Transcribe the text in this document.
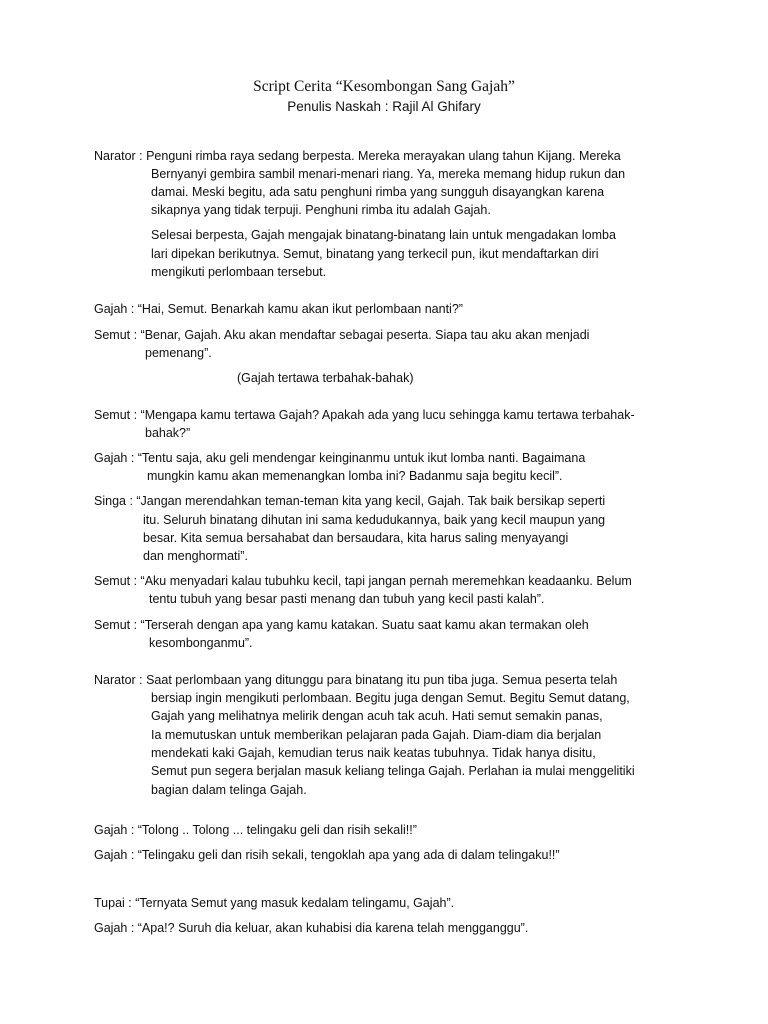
Script Cerita “Kesombongan Sang Gajah”
Penulis Naskah : Rajil Al Ghifary
Narator : Penguni rimba raya sedang berpesta. Mereka merayakan ulang tahun Kijang. Mereka
Bernyanyi gembira sambil menari-menari riang. Ya, mereka memang hidup rukun dan
damai. Meski begitu, ada satu penghuni rimba yang sungguh disayangkan karena
sikapnya yang tidak terpuji. Penghuni rimba itu adalah Gajah.
Selesai berpesta, Gajah mengajak binatang-binatang lain untuk mengadakan lomba
lari dipekan berikutnya. Semut, binatang yang terkecil pun, ikut mendaftarkan diri
mengikuti perlombaan tersebut.
Gajah : “Hai, Semut. Benarkah kamu akan ikut perlombaan nanti?”
Semut : “Benar, Gajah. Aku akan mendaftar sebagai peserta. Siapa tau aku akan menjadi
pemenang”.
(Gajah tertawa terbahak-bahak)
Semut : “Mengapa kamu tertawa Gajah? Apakah ada yang lucu sehingga kamu tertawa terbahak-
bahak?”
Gajah : “Tentu saja, aku geli mendengar keinginanmu untuk ikut lomba nanti. Bagaimana
mungkin kamu akan memenangkan lomba ini? Badanmu saja begitu kecil”.
Singa : “Jangan merendahkan teman-teman kita yang kecil, Gajah. Tak baik bersikap seperti
itu. Seluruh binatang dihutan ini sama kedudukannya, baik yang kecil maupun yang
besar. Kita semua bersahabat dan bersaudara, kita harus saling menyayangi
dan menghormati”.
Semut : “Aku menyadari kalau tubuhku kecil, tapi jangan pernah meremehkan keadaanku. Belum
tentu tubuh yang besar pasti menang dan tubuh yang kecil pasti kalah”.
Semut : “Terserah dengan apa yang kamu katakan. Suatu saat kamu akan termakan oleh
kesombonganmu”.
Narator : Saat perlombaan yang ditunggu para binatang itu pun tiba juga. Semua peserta telah
bersiap ingin mengikuti perlombaan. Begitu juga dengan Semut. Begitu Semut datang,
Gajah yang melihatnya melirik dengan acuh tak acuh. Hati semut semakin panas,
Ia memutuskan untuk memberikan pelajaran pada Gajah. Diam-diam dia berjalan
mendekati kaki Gajah, kemudian terus naik keatas tubuhnya. Tidak hanya disitu,
Semut pun segera berjalan masuk keliang telinga Gajah. Perlahan ia mulai menggelitiki
bagian dalam telinga Gajah.
Gajah : “Tolong .. Tolong ... telingaku geli dan risih sekali!!”
Gajah : “Telingaku geli dan risih sekali, tengoklah apa yang ada di dalam telingaku!!”
Tupai : “Ternyata Semut yang masuk kedalam telingamu, Gajah”.
Gajah : “Apa!? Suruh dia keluar, akan kuhabisi dia karena telah mengganggu”.
